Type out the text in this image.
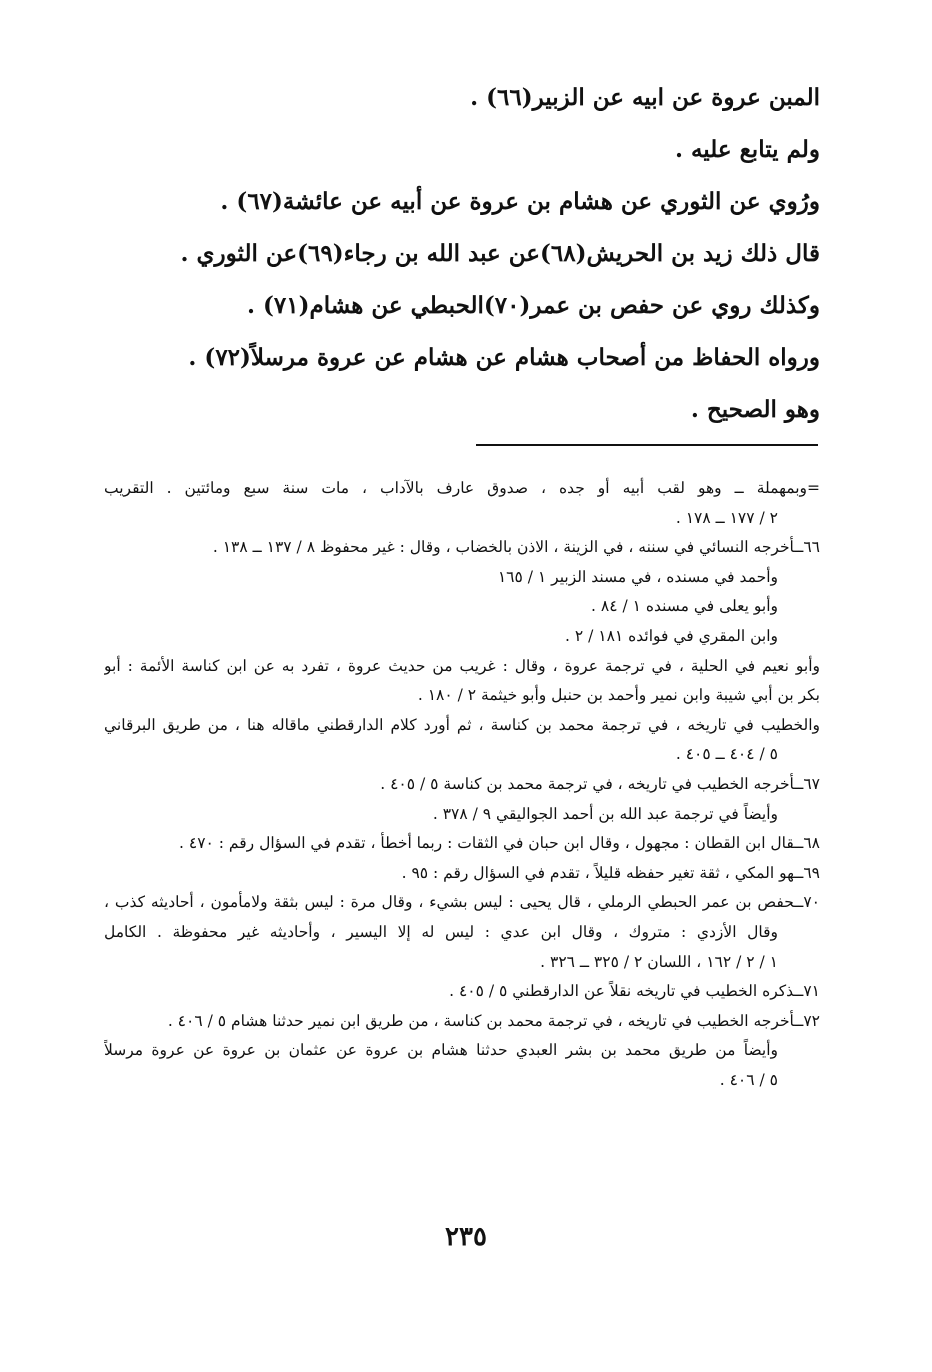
المبن عروة عن ابيه عن الزبير(٦٦) .
ولم يتابع عليه .
ورُوي عن الثوري عن هشام بن عروة عن أبيه عن عائشة(٦٧) .
قال ذلك زيد بن الحريش(٦٨)عن عبد الله بن رجاء(٦٩)عن الثوري .
وكذلك روي عن حفص بن عمر(٧٠)الحبطي عن هشام(٧١) .
ورواه الحفاظ من أصحاب هشام عن هشام عن عروة مرسلاً(٧٢) .
وهو الصحيح .
=وبمهملة ــ وهو لقب أبيه أو جده ، صدوق عارف بالآداب ، مات سنة سبع ومائتين . التقريب
٢ / ١٧٧ ــ ١٧٨ .
٦٦ــأخرجه النسائي في سننه ، في الزينة ، الاذن بالخضاب ، وقال : غير محفوظ ٨ / ١٣٧ ــ ١٣٨ .
وأحمد في مسنده ، في مسند الزبير ١ / ١٦٥
وأبو يعلى في مسنده ١ / ٨٤ .
وابن المقري في فوائده ١٨١ / ٢ .
وأبو نعيم في الحلية ، في ترجمة عروة ، وقال : غريب من حديث عروة ، تفرد به عن ابن كناسة الأئمة : أبو
بكر بن أبي شيبة وابن نمير وأحمد بن حنبل وأبو خيثمة ٢ / ١٨٠ .
والخطيب في تاريخه ، في ترجمة محمد بن كناسة ، ثم أورد كلام الدارقطني ماقاله هنا ، من طريق البرقاني
٥ / ٤٠٤ ــ ٤٠٥ .
٦٧ــأخرجه الخطيب في تاريخه ، في ترجمة محمد بن كناسة ٥ / ٤٠٥ .
وأيضاً في ترجمة عبد الله بن أحمد الجواليقي ٩ / ٣٧٨ .
٦٨ــقال ابن القطان : مجهول ، وقال ابن حبان في الثقات : ربما أخطأ ، تقدم في السؤال رقم : ٤٧٠ .
٦٩ــهو المكي ، ثقة تغير حفظه قليلاً ، تقدم في السؤال رقم : ٩٥ .
٧٠ــحفص بن عمر الحبطي الرملي ، قال يحيى : ليس بشيء ، وقال مرة : ليس بثقة ولامأمون ، أحاديثه كذب ،
وقال الأزدي : متروك ، وقال ابن عدي : ليس له إلا اليسير ، وأحاديثه غير محفوظة . الكامل
١ / ٢ / ١٦٢ ، اللسان ٢ / ٣٢٥ ــ ٣٢٦ .
٧١ــذكره الخطيب في تاريخه نقلاً عن الدارقطني ٥ / ٤٠٥ .
٧٢ــأخرجه الخطيب في تاريخه ، في ترجمة محمد بن كناسة ، من طريق ابن نمير حدثنا هشام ٥ / ٤٠٦ .
وأيضاً من طريق محمد بن بشر العبدي حدثنا هشام بن عروة عن عثمان بن عروة عن عروة مرسلاً
٥ / ٤٠٦ .
٢٣٥
